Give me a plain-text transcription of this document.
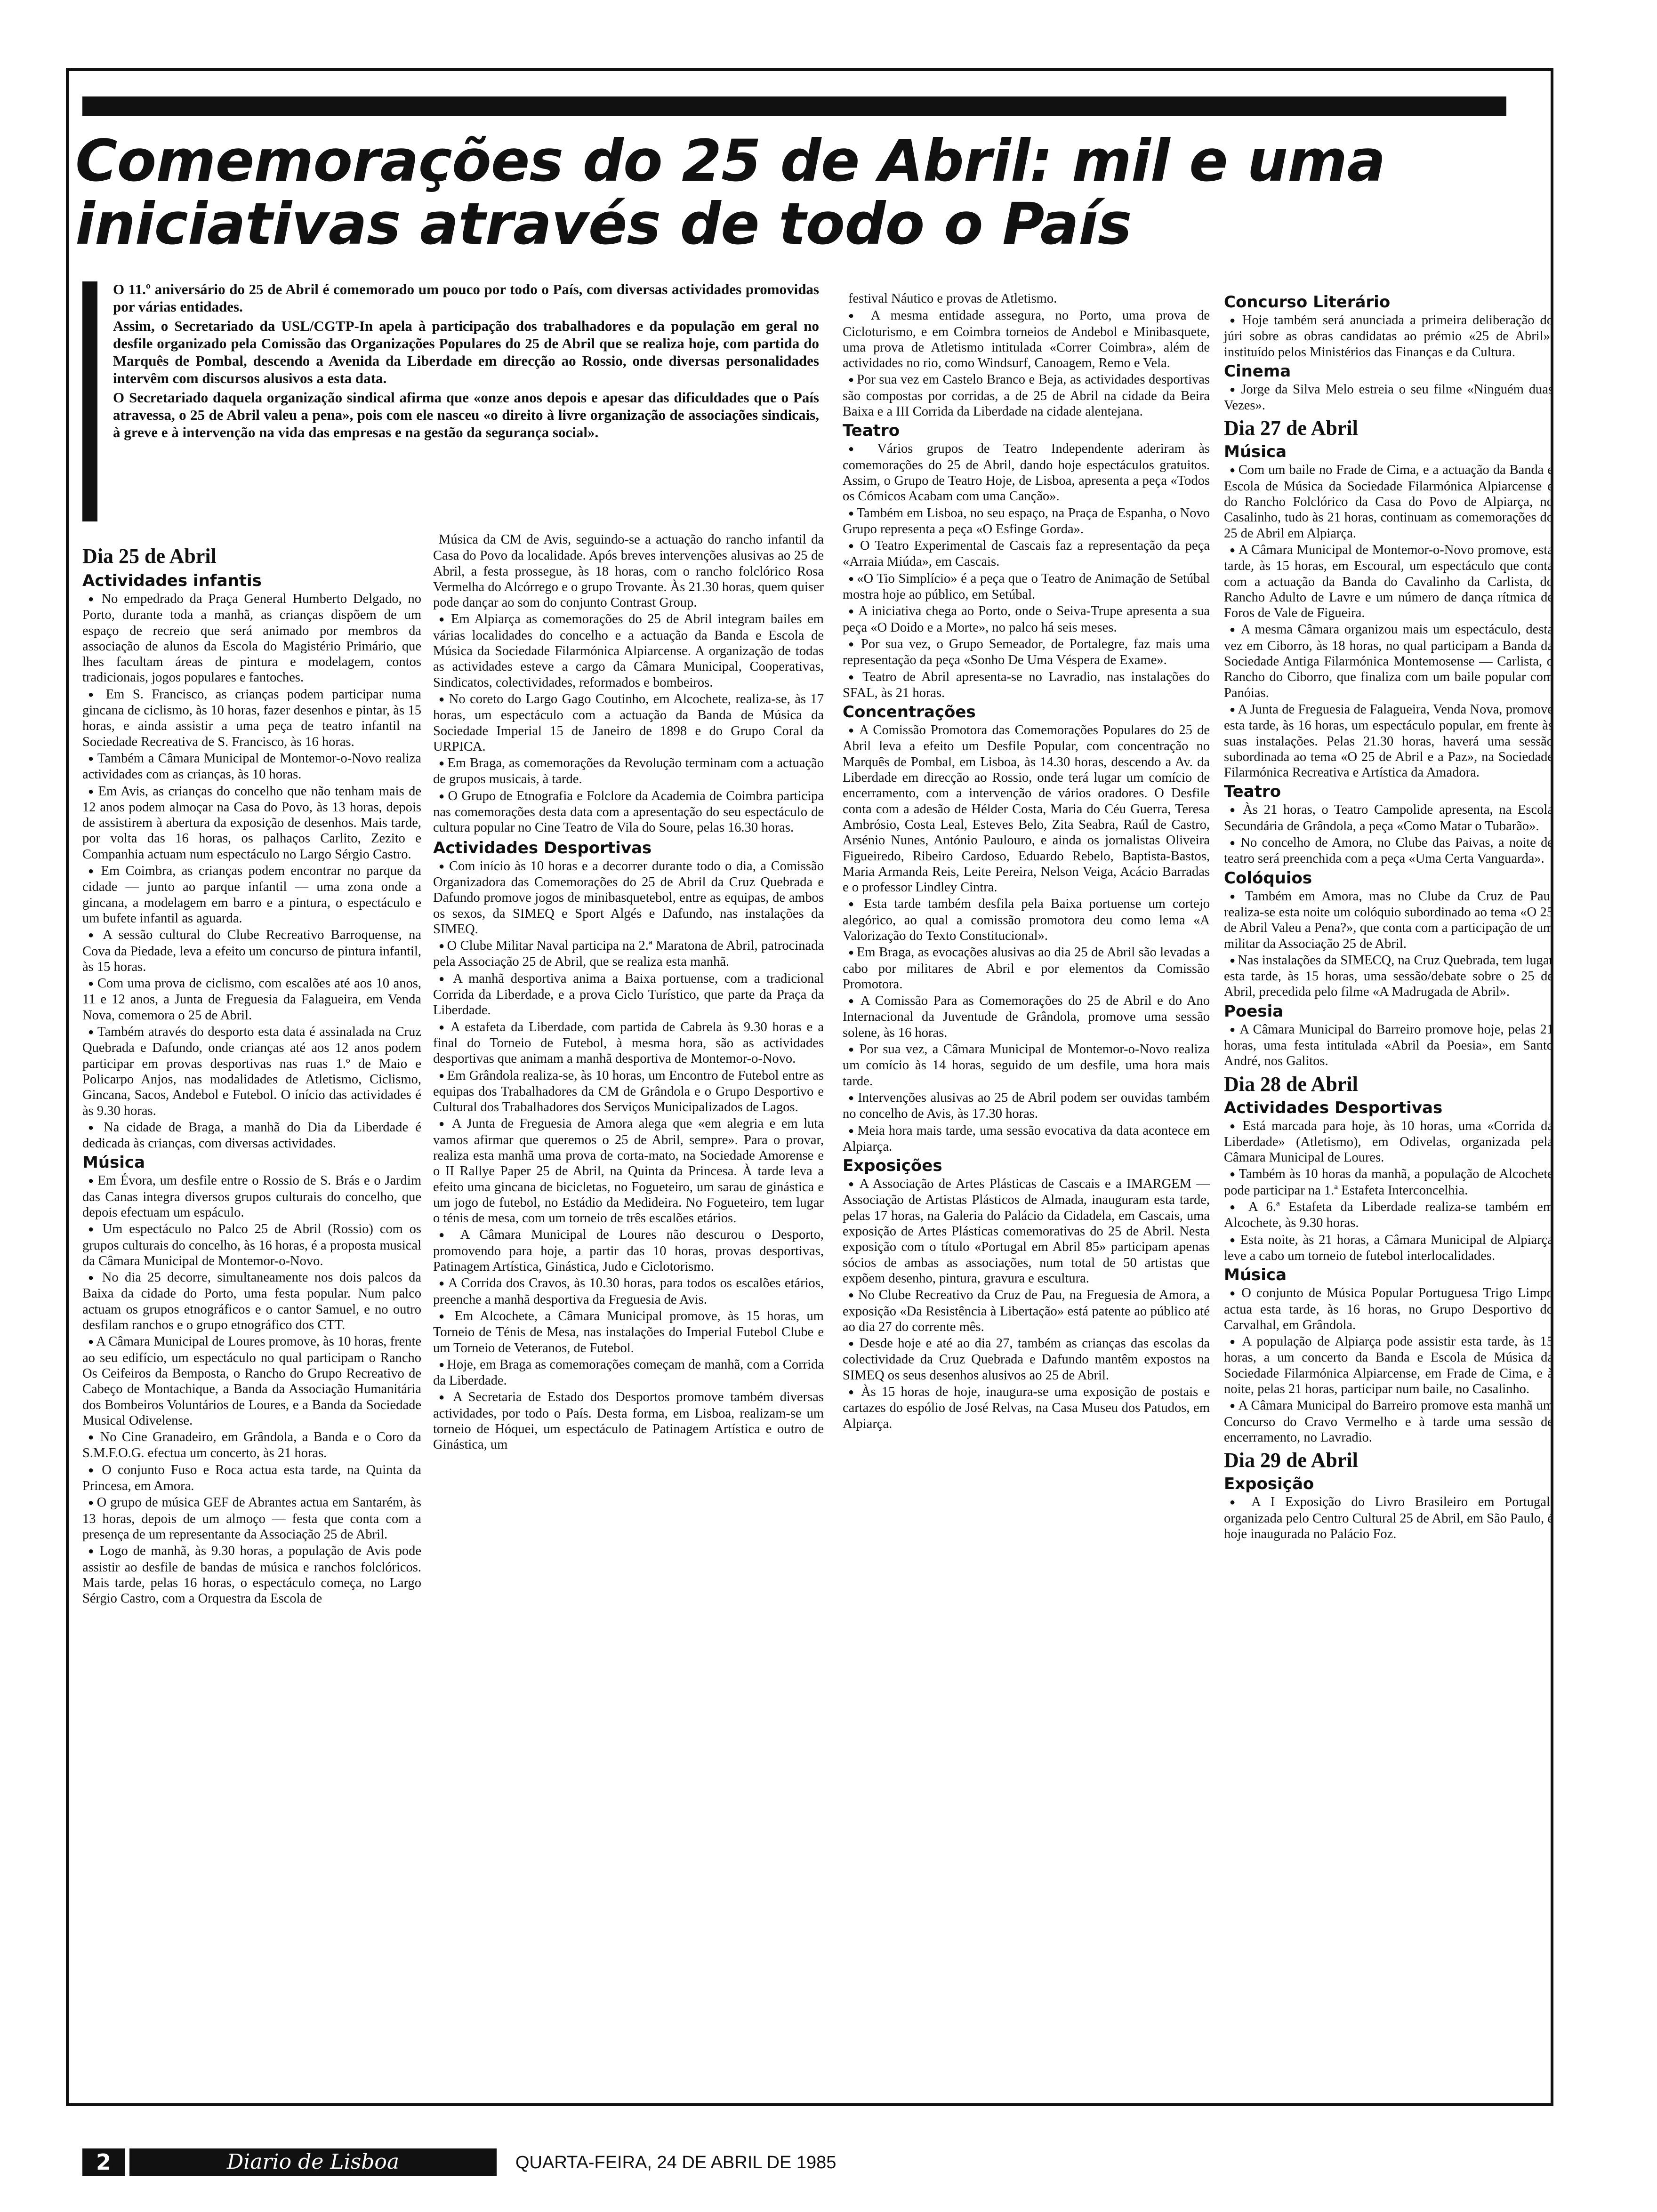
Comemorações do 25 de Abril: mil e uma
iniciativas através de todo o País

O 11.º aniversário do 25 de Abril é comemorado um pouco por todo o País, com diversas actividades promovidas por várias entidades.

Assim, o Secretariado da USL/CGTP-In apela à participação dos trabalhadores e da população em geral no desfile organizado pela Comissão das Organizações Populares do 25 de Abril que se realiza hoje, com partida do Marquês de Pombal, descendo a Avenida da Liberdade em direcção ao Rossio, onde diversas personalidades intervêm com discursos alusivos a esta data.

O Secretariado daquela organização sindical afirma que «onze anos depois e apesar das dificuldades que o País atravessa, o 25 de Abril valeu a pena», pois com ele nasceu «o direito à livre organização de associações sindicais, à greve e à intervenção na vida das empresas e na gestão da segurança social».

Dia 25 de Abril
Actividades infantis

● No empedrado da Praça General Humberto Delgado, no Porto, durante toda a manhã, as crianças dispõem de um espaço de recreio que será animado por membros da associação de alunos da Escola do Magistério Primário, que lhes facultam áreas de pintura e modelagem, contos tradicionais, jogos populares e fantoches.

● Em S. Francisco, as crianças podem participar numa gincana de ciclismo, às 10 horas, fazer desenhos e pintar, às 15 horas, e ainda assistir a uma peça de teatro infantil na Sociedade Recreativa de S. Francisco, às 16 horas.

● Também a Câmara Municipal de Montemor-o-Novo realiza actividades com as crianças, às 10 horas.

● Em Avis, as crianças do concelho que não tenham mais de 12 anos podem almoçar na Casa do Povo, às 13 horas, depois de assistirem à abertura da exposição de desenhos. Mais tarde, por volta das 16 horas, os palhaços Carlito, Zezito e Companhia actuam num espectáculo no Largo Sérgio Castro.

● Em Coimbra, as crianças podem encontrar no parque da cidade — junto ao parque infantil — uma zona onde a gincana, a modelagem em barro e a pintura, o espectáculo e um bufete infantil as aguarda.

● A sessão cultural do Clube Recreativo Barroquense, na Cova da Piedade, leva a efeito um concurso de pintura infantil, às 15 horas.

● Com uma prova de ciclismo, com escalões até aos 10 anos, 11 e 12 anos, a Junta de Freguesia da Falagueira, em Venda Nova, comemora o 25 de Abril.

● Também através do desporto esta data é assinalada na Cruz Quebrada e Dafundo, onde crianças até aos 12 anos podem participar em provas desportivas nas ruas 1.º de Maio e Policarpo Anjos, nas modalidades de Atletismo, Ciclismo, Gincana, Sacos, Andebol e Futebol. O início das actividades é às 9.30 horas.

● Na cidade de Braga, a manhã do Dia da Liberdade é dedicada às crianças, com diversas actividades.

Música

● Em Évora, um desfile entre o Rossio de S. Brás e o Jardim das Canas integra diversos grupos culturais do concelho, que depois efectuam um espáculo.

● Um espectáculo no Palco 25 de Abril (Rossio) com os grupos culturais do concelho, às 16 horas, é a proposta musical da Câmara Municipal de Montemor-o-Novo.

● No dia 25 decorre, simultaneamente nos dois palcos da Baixa da cidade do Porto, uma festa popular. Num palco actuam os grupos etnográficos e o cantor Samuel, e no outro desfilam ranchos e o grupo etnográfico dos CTT.

● A Câmara Municipal de Loures promove, às 10 horas, frente ao seu edifício, um espectáculo no qual participam o Rancho Os Ceifeiros da Bemposta, o Rancho do Grupo Recreativo de Cabeço de Montachique, a Banda da Associação Humanitária dos Bombeiros Voluntários de Loures, e a Banda da Sociedade Musical Odivelense.

● No Cine Granadeiro, em Grândola, a Banda e o Coro da S.M.F.O.G. efectua um concerto, às 21 horas.

● O conjunto Fuso e Roca actua esta tarde, na Quinta da Princesa, em Amora.

● O grupo de música GEF de Abrantes actua em Santarém, às 13 horas, depois de um almoço — festa que conta com a presença de um representante da Associação 25 de Abril.

● Logo de manhã, às 9.30 horas, a população de Avis pode assistir ao desfile de bandas de música e ranchos folclóricos. Mais tarde, pelas 16 horas, o espectáculo começa, no Largo Sérgio Castro, com a Orquestra da Escola de

Música da CM de Avis, seguindo-se a actuação do rancho infantil da Casa do Povo da localidade. Após breves intervenções alusivas ao 25 de Abril, a festa prossegue, às 18 horas, com o rancho folclórico Rosa Vermelha do Alcórrego e o grupo Trovante. Às 21.30 horas, quem quiser pode dançar ao som do conjunto Contrast Group.

● Em Alpiarça as comemorações do 25 de Abril integram bailes em várias localidades do concelho e a actuação da Banda e Escola de Música da Sociedade Filarmónica Alpiarcense. A organização de todas as actividades esteve a cargo da Câmara Municipal, Cooperativas, Sindicatos, colectividades, reformados e bombeiros.

● No coreto do Largo Gago Coutinho, em Alcochete, realiza-se, às 17 horas, um espectáculo com a actuação da Banda de Música da Sociedade Imperial 15 de Janeiro de 1898 e do Grupo Coral da URPICA.

● Em Braga, as comemorações da Revolução terminam com a actuação de grupos musicais, à tarde.

● O Grupo de Etnografia e Folclore da Academia de Coimbra participa nas comemorações desta data com a apresentação do seu espectáculo de cultura popular no Cine Teatro de Vila do Soure, pelas 16.30 horas.

Actividades Desportivas

● Com início às 10 horas e a decorrer durante todo o dia, a Comissão Organizadora das Comemorações do 25 de Abril da Cruz Quebrada e Dafundo promove jogos de minibasquetebol, entre as equipas, de ambos os sexos, da SIMEQ e Sport Algés e Dafundo, nas instalações da SIMEQ.

● O Clube Militar Naval participa na 2.ª Maratona de Abril, patrocinada pela Associação 25 de Abril, que se realiza esta manhã.

● A manhã desportiva anima a Baixa portuense, com a tradicional Corrida da Liberdade, e a prova Ciclo Turístico, que parte da Praça da Liberdade.

● A estafeta da Liberdade, com partida de Cabrela às 9.30 horas e a final do Torneio de Futebol, à mesma hora, são as actividades desportivas que animam a manhã desportiva de Montemor-o-Novo.

● Em Grândola realiza-se, às 10 horas, um Encontro de Futebol entre as equipas dos Trabalhadores da CM de Grândola e o Grupo Desportivo e Cultural dos Trabalhadores dos Serviços Municipalizados de Lagos.

● A Junta de Freguesia de Amora alega que «em alegria e em luta vamos afirmar que queremos o 25 de Abril, sempre». Para o provar, realiza esta manhã uma prova de corta-mato, na Sociedade Amorense e o II Rallye Paper 25 de Abril, na Quinta da Princesa. À tarde leva a efeito uma gincana de bicicletas, no Fogueteiro, um sarau de ginástica e um jogo de futebol, no Estádio da Medideira. No Fogueteiro, tem lugar o ténis de mesa, com um torneio de três escalões etários.

● A Câmara Municipal de Loures não descurou o Desporto, promovendo para hoje, a partir das 10 horas, provas desportivas, Patinagem Artística, Ginástica, Judo e Ciclotorismo.

● A Corrida dos Cravos, às 10.30 horas, para todos os escalões etários, preenche a manhã desportiva da Freguesia de Avis.

● Em Alcochete, a Câmara Municipal promove, às 15 horas, um Torneio de Ténis de Mesa, nas instalações do Imperial Futebol Clube e um Torneio de Veteranos, de Futebol.

● Hoje, em Braga as comemorações começam de manhã, com a Corrida da Liberdade.

● A Secretaria de Estado dos Desportos promove também diversas actividades, por todo o País. Desta forma, em Lisboa, realizam-se um torneio de Hóquei, um espectáculo de Patinagem Artística e outro de Ginástica, um

festival Náutico e provas de Atletismo.

● A mesma entidade assegura, no Porto, uma prova de Cicloturismo, e em Coimbra torneios de Andebol e Minibasquete, uma prova de Atletismo intitulada «Correr Coimbra», além de actividades no rio, como Windsurf, Canoagem, Remo e Vela.

● Por sua vez em Castelo Branco e Beja, as actividades desportivas são compostas por corridas, a de 25 de Abril na cidade da Beira Baixa e a III Corrida da Liberdade na cidade alentejana.

Teatro

● Vários grupos de Teatro Independente aderiram às comemorações do 25 de Abril, dando hoje espectáculos gratuitos. Assim, o Grupo de Teatro Hoje, de Lisboa, apresenta a peça «Todos os Cómicos Acabam com uma Canção».

● Também em Lisboa, no seu espaço, na Praça de Espanha, o Novo Grupo representa a peça «O Esfinge Gorda».

● O Teatro Experimental de Cascais faz a representação da peça «Arraia Miúda», em Cascais.

● «O Tio Simplício» é a peça que o Teatro de Animação de Setúbal mostra hoje ao público, em Setúbal.

● A iniciativa chega ao Porto, onde o Seiva-Trupe apresenta a sua peça «O Doido e a Morte», no palco há seis meses.

● Por sua vez, o Grupo Semeador, de Portalegre, faz mais uma representação da peça «Sonho De Uma Véspera de Exame».

● Teatro de Abril apresenta-se no Lavradio, nas instalações do SFAL, às 21 horas.

Concentrações

● A Comissão Promotora das Comemorações Populares do 25 de Abril leva a efeito um Desfile Popular, com concentração no Marquês de Pombal, em Lisboa, às 14.30 horas, descendo a Av. da Liberdade em direcção ao Rossio, onde terá lugar um comício de encerramento, com a intervenção de vários oradores. O Desfile conta com a adesão de Hélder Costa, Maria do Céu Guerra, Teresa Ambrósio, Costa Leal, Esteves Belo, Zita Seabra, Raúl de Castro, Arsénio Nunes, António Paulouro, e ainda os jornalistas Oliveira Figueiredo, Ribeiro Cardoso, Eduardo Rebelo, Baptista-Bastos, Maria Armanda Reis, Leite Pereira, Nelson Veiga, Acácio Barradas e o professor Lindley Cintra.

● Esta tarde também desfila pela Baixa portuense um cortejo alegórico, ao qual a comissão promotora deu como lema «A Valorização do Texto Constitucional».

● Em Braga, as evocações alusivas ao dia 25 de Abril são levadas a cabo por militares de Abril e por elementos da Comissão Promotora.

● A Comissão Para as Comemorações do 25 de Abril e do Ano Internacional da Juventude de Grândola, promove uma sessão solene, às 16 horas.

● Por sua vez, a Câmara Municipal de Montemor-o-Novo realiza um comício às 14 horas, seguido de um desfile, uma hora mais tarde.

● Intervenções alusivas ao 25 de Abril podem ser ouvidas também no concelho de Avis, às 17.30 horas.

● Meia hora mais tarde, uma sessão evocativa da data acontece em Alpiarça.

Exposições

● A Associação de Artes Plásticas de Cascais e a IMARGEM — Associação de Artistas Plásticos de Almada, inauguram esta tarde, pelas 17 horas, na Galeria do Palácio da Cidadela, em Cascais, uma exposição de Artes Plásticas comemorativas do 25 de Abril. Nesta exposição com o título «Portugal em Abril 85» participam apenas sócios de ambas as associações, num total de 50 artistas que expõem desenho, pintura, gravura e escultura.

● No Clube Recreativo da Cruz de Pau, na Freguesia de Amora, a exposição «Da Resistência à Libertação» está patente ao público até ao dia 27 do corrente mês.

● Desde hoje e até ao dia 27, também as crianças das escolas da colectividade da Cruz Quebrada e Dafundo mantêm expostos na SIMEQ os seus desenhos alusivos ao 25 de Abril.

● Às 15 horas de hoje, inaugura-se uma exposição de postais e cartazes do espólio de José Relvas, na Casa Museu dos Patudos, em Alpiarça.

Concurso Literário

● Hoje também será anunciada a primeira deliberação do júri sobre as obras candidatas ao prémio «25 de Abril», instituído pelos Ministérios das Finanças e da Cultura.

Cinema

● Jorge da Silva Melo estreia o seu filme «Ninguém duas Vezes».

Dia 27 de Abril
Música

● Com um baile no Frade de Cima, e a actuação da Banda e Escola de Música da Sociedade Filarmónica Alpiarcense e do Rancho Folclórico da Casa do Povo de Alpiarça, no Casalinho, tudo às 21 horas, continuam as comemorações do 25 de Abril em Alpiarça.

● A Câmara Municipal de Montemor-o-Novo promove, esta tarde, às 15 horas, em Escoural, um espectáculo que conta com a actuação da Banda do Cavalinho da Carlista, do Rancho Adulto de Lavre e um número de dança rítmica de Foros de Vale de Figueira.

● A mesma Câmara organizou mais um espectáculo, desta vez em Ciborro, às 18 horas, no qual participam a Banda da Sociedade Antiga Filarmónica Montemosense — Carlista, o Rancho do Ciborro, que finaliza com um baile popular com Panóias.

● A Junta de Freguesia de Falagueira, Venda Nova, promove esta tarde, às 16 horas, um espectáculo popular, em frente às suas instalações. Pelas 21.30 horas, haverá uma sessão subordinada ao tema «O 25 de Abril e a Paz», na Sociedade Filarmónica Recreativa e Artística da Amadora.

Teatro

● Às 21 horas, o Teatro Campolide apresenta, na Escola Secundária de Grândola, a peça «Como Matar o Tubarão».

● No concelho de Amora, no Clube das Paivas, a noite de teatro será preenchida com a peça «Uma Certa Vanguarda».

Colóquios

● Também em Amora, mas no Clube da Cruz de Pau, realiza-se esta noite um colóquio subordinado ao tema «O 25 de Abril Valeu a Pena?», que conta com a participação de um militar da Associação 25 de Abril.

● Nas instalações da SIMECQ, na Cruz Quebrada, tem lugar esta tarde, às 15 horas, uma sessão/debate sobre o 25 de Abril, precedida pelo filme «A Madrugada de Abril».

Poesia

● A Câmara Municipal do Barreiro promove hoje, pelas 21 horas, uma festa intitulada «Abril da Poesia», em Santo André, nos Galitos.

Dia 28 de Abril
Actividades Desportivas

● Está marcada para hoje, às 10 horas, uma «Corrida da Liberdade» (Atletismo), em Odivelas, organizada pela Câmara Municipal de Loures.

● Também às 10 horas da manhã, a população de Alcochete pode participar na 1.ª Estafeta Interconcelhia.

● A 6.ª Estafeta da Liberdade realiza-se também em Alcochete, às 9.30 horas.

● Esta noite, às 21 horas, a Câmara Municipal de Alpiarça leve a cabo um torneio de futebol interlocalidades.

Música

● O conjunto de Música Popular Portuguesa Trigo Limpo actua esta tarde, às 16 horas, no Grupo Desportivo do Carvalhal, em Grândola.

● A população de Alpiarça pode assistir esta tarde, às 15 horas, a um concerto da Banda e Escola de Música da Sociedade Filarmónica Alpiarcense, em Frade de Cima, e à noite, pelas 21 horas, participar num baile, no Casalinho.

● A Câmara Municipal do Barreiro promove esta manhã um Concurso do Cravo Vermelho e à tarde uma sessão de encerramento, no Lavradio.

Dia 29 de Abril
Exposição

● A I Exposição do Livro Brasileiro em Portugal, organizada pelo Centro Cultural 25 de Abril, em São Paulo, é hoje inaugurada no Palácio Foz.

2	Diario de Lisboa	QUARTA-FEIRA, 24 DE ABRIL DE 1985
